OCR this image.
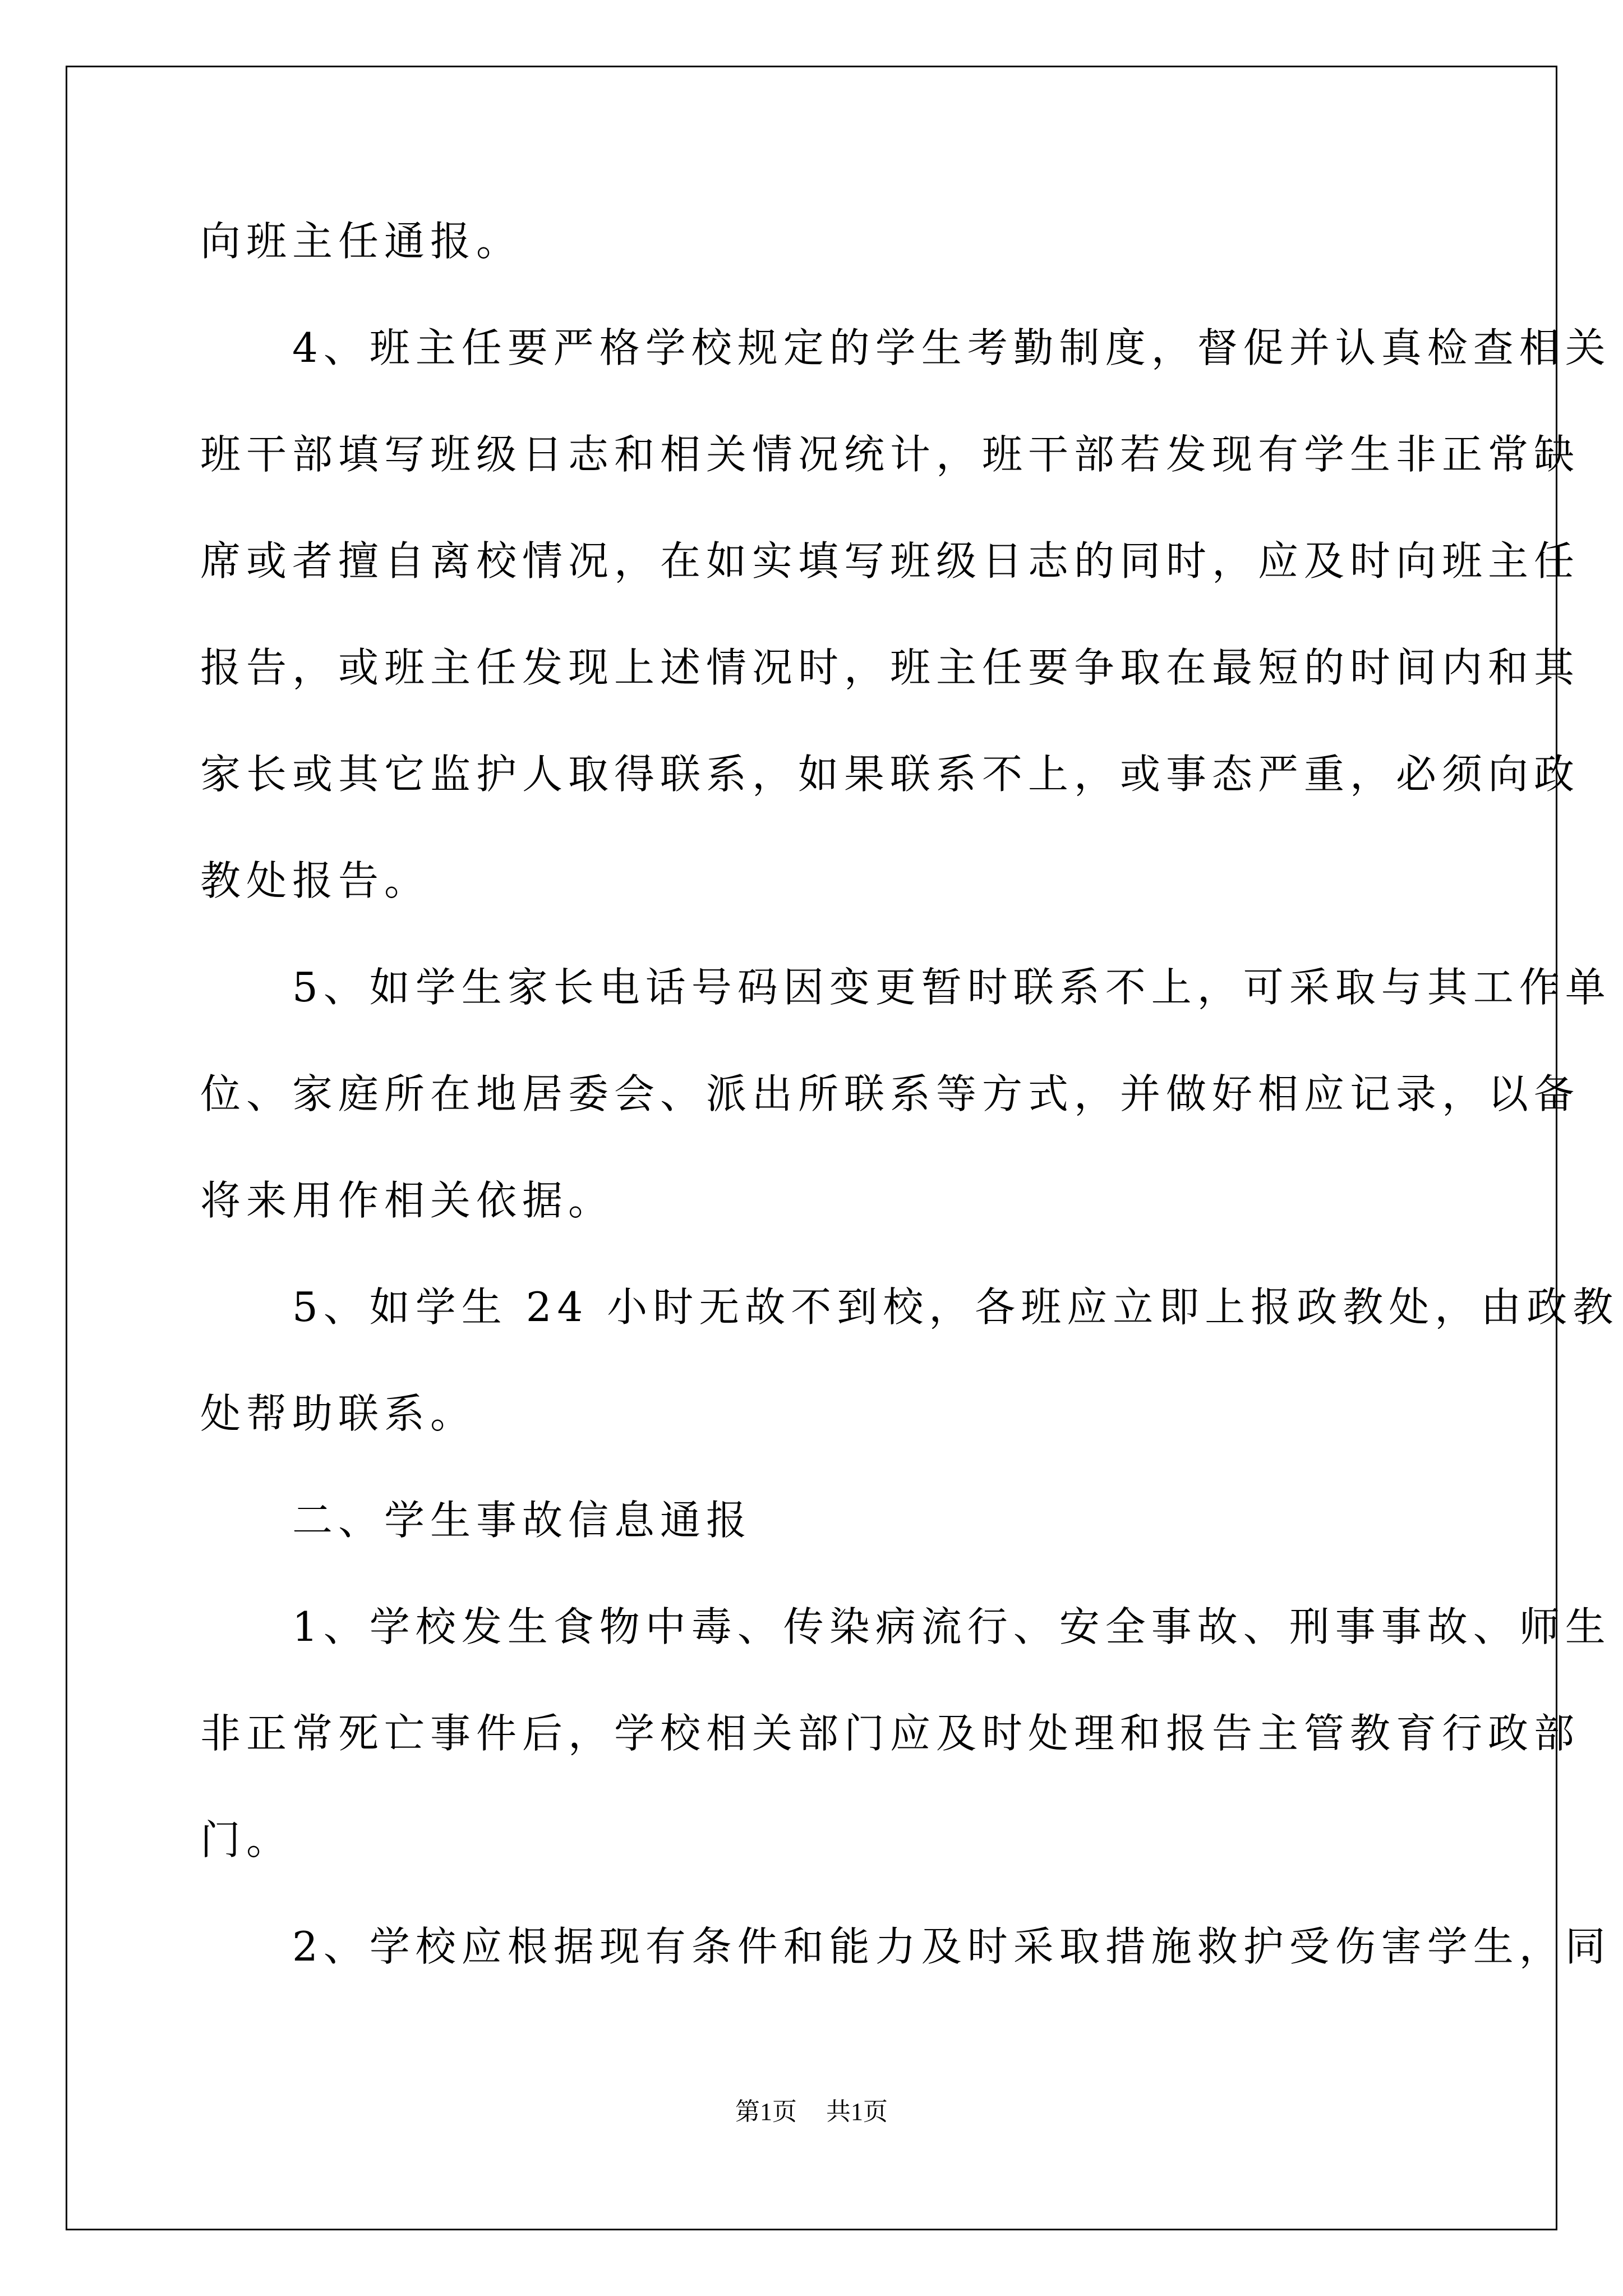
向班主任通报。
　　4、班主任要严格学校规定的学生考勤制度，督促并认真检查相关
班干部填写班级日志和相关情况统计，班干部若发现有学生非正常缺
席或者擅自离校情况，在如实填写班级日志的同时，应及时向班主任
报告，或班主任发现上述情况时，班主任要争取在最短的时间内和其
家长或其它监护人取得联系，如果联系不上，或事态严重，必须向政
教处报告。
　　5、如学生家长电话号码因变更暂时联系不上，可采取与其工作单
位、家庭所在地居委会、派出所联系等方式，并做好相应记录，以备
将来用作相关依据。
　　5、如学生 24 小时无故不到校，各班应立即上报政教处，由政教
处帮助联系。
　　二、学生事故信息通报
　　1、学校发生食物中毒、传染病流行、安全事故、刑事事故、师生
非正常死亡事件后，学校相关部门应及时处理和报告主管教育行政部
门。
　　2、学校应根据现有条件和能力及时采取措施救护受伤害学生，同
第1页 共1页
